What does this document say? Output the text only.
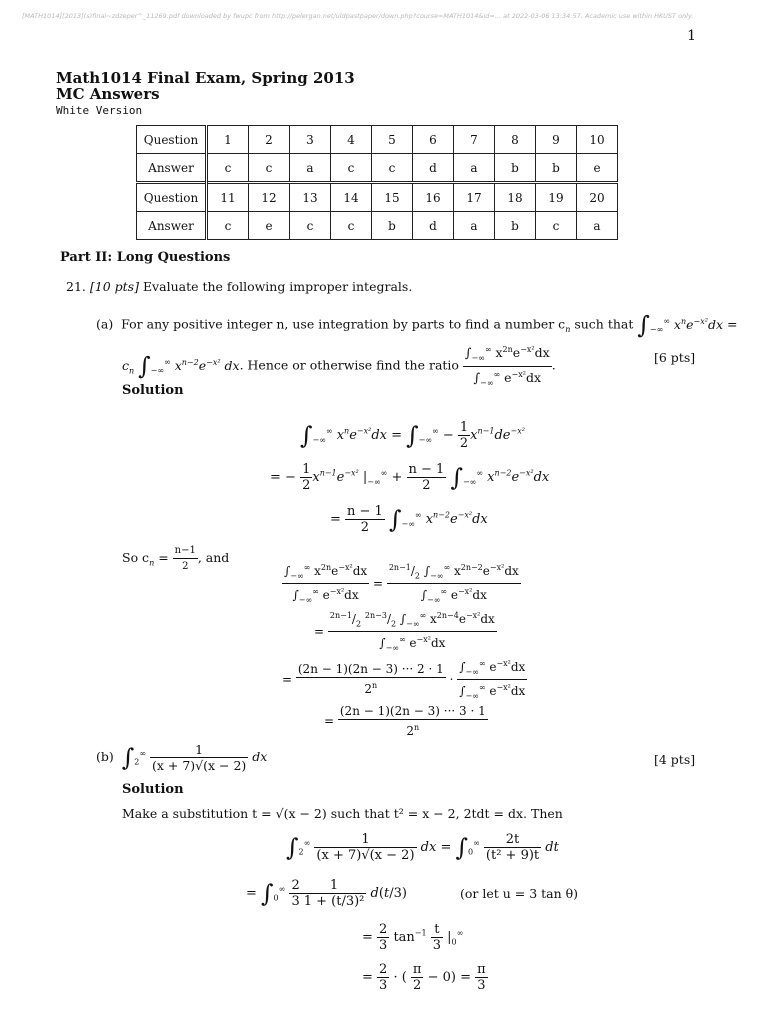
[MATH1014][2013](s)final~zdzeper^_11269.pdf downloaded by fwupc from http://pelergan.net/uldpastpaper/down.php?course=MATH1014&id=... at 2022-03-06 13:34:57. Academic use within HKUST only.
1
Math1014 Final Exam, Spring 2013
MC Answers
White Version
Question	1	2	3	4	5	6	7	8	9	10
Answer	c	c	a	c	c	d	a	b	b	e
Question	11	12	13	14	15	16	17	18	19	20
Answer	c	e	c	c	b	d	a	b	c	a
Part II: Long Questions
21. [10 pts] Evaluate the following improper integrals.
(a) For any positive integer n, use integration by parts to find a number $c_n$ such that $\int_{-\infty}^\infty$ $x^ne^{-x^2}dx$ =
$c_n$ $\int_{-\infty}^\infty$ $x^{n-2}e^{-x^2}$ dx. Hence or otherwise find the ratio $\frac{\int_{-\infty}^\infty x^{2n}e^{-x^2}dx}{\int_{-\infty}^\infty e^{-x^2}dx}$ .
[6 pts]
Solution
$\int_{-\infty}^\infty$ $x^ne^{-x^2}dx = \int_{-\infty}^\infty - \frac{1}{2} x^{n-1}de^{-x^2}$
= − $\frac{1}{2} x^{n-1}e^{-x^2}$ $|_{-\infty}^\infty + \frac{n - 1}{2} \int_{-\infty}^\infty$ $x^{n-2}e^{-x^2}dx$
= $\frac{n - 1}{2} \int_{-\infty}^\infty$ $x^{n-2}e^{-x^2}dx$
So $c_n = \frac{n-1}{2}$ , and
$\frac{\int_{-\infty}^\infty x^{2n}e^{-x^2}dx}{\int_{-\infty}^\infty e^{-x^2}dx} = \frac{^{2n-1}/_2 \int_{-\infty}^\infty x^{2n-2}e^{-x^2}dx}{\int_{-\infty}^\infty e^{-x^2}dx}$
= $\frac{^{2n-1}/_2 ^{2n-3}/_2 \int_{-\infty}^\infty x^{2n-4}e^{-x^2}dx}{\int_{-\infty}^\infty e^{-x^2}dx}$
= $\frac{(2n - 1)(2n - 3) \cdot\cdot\cdot 2 \cdot 1}{2^n} \cdot \frac{\int_{-\infty}^\infty e^{-x^2}dx}{\int_{-\infty}^\infty e^{-x^2}dx}$
= $\frac{(2n - 1)(2n - 3) \cdot\cdot\cdot 3 \cdot 1}{2^n}$
(b) $\int_2^\infty \frac{1}{(x + 7)√(x - 2)}$ dx	[4 pts]
Solution
Make a substitution t = √(x − 2) such that t² = x − 2, 2tdt = dx. Then
$\int_2^\infty \frac{1}{(x + 7)√(x - 2)}$ dx = $\int_0^\infty \frac{2t}{\text{(t² + 9)t}}$ dt
= $\int_0^\infty \frac{2}{3} \frac{1}{\text{1 + (t/3)²}} d(t/3)$	(or let u = 3 tan θ)
= $\frac{2}{3} \tan^{-1} \frac{t}{3} |_0^\infty$
= $\frac{2}{3}$ · ( $\frac{\pi}{2} - 0) = \frac{\pi}{3}$
